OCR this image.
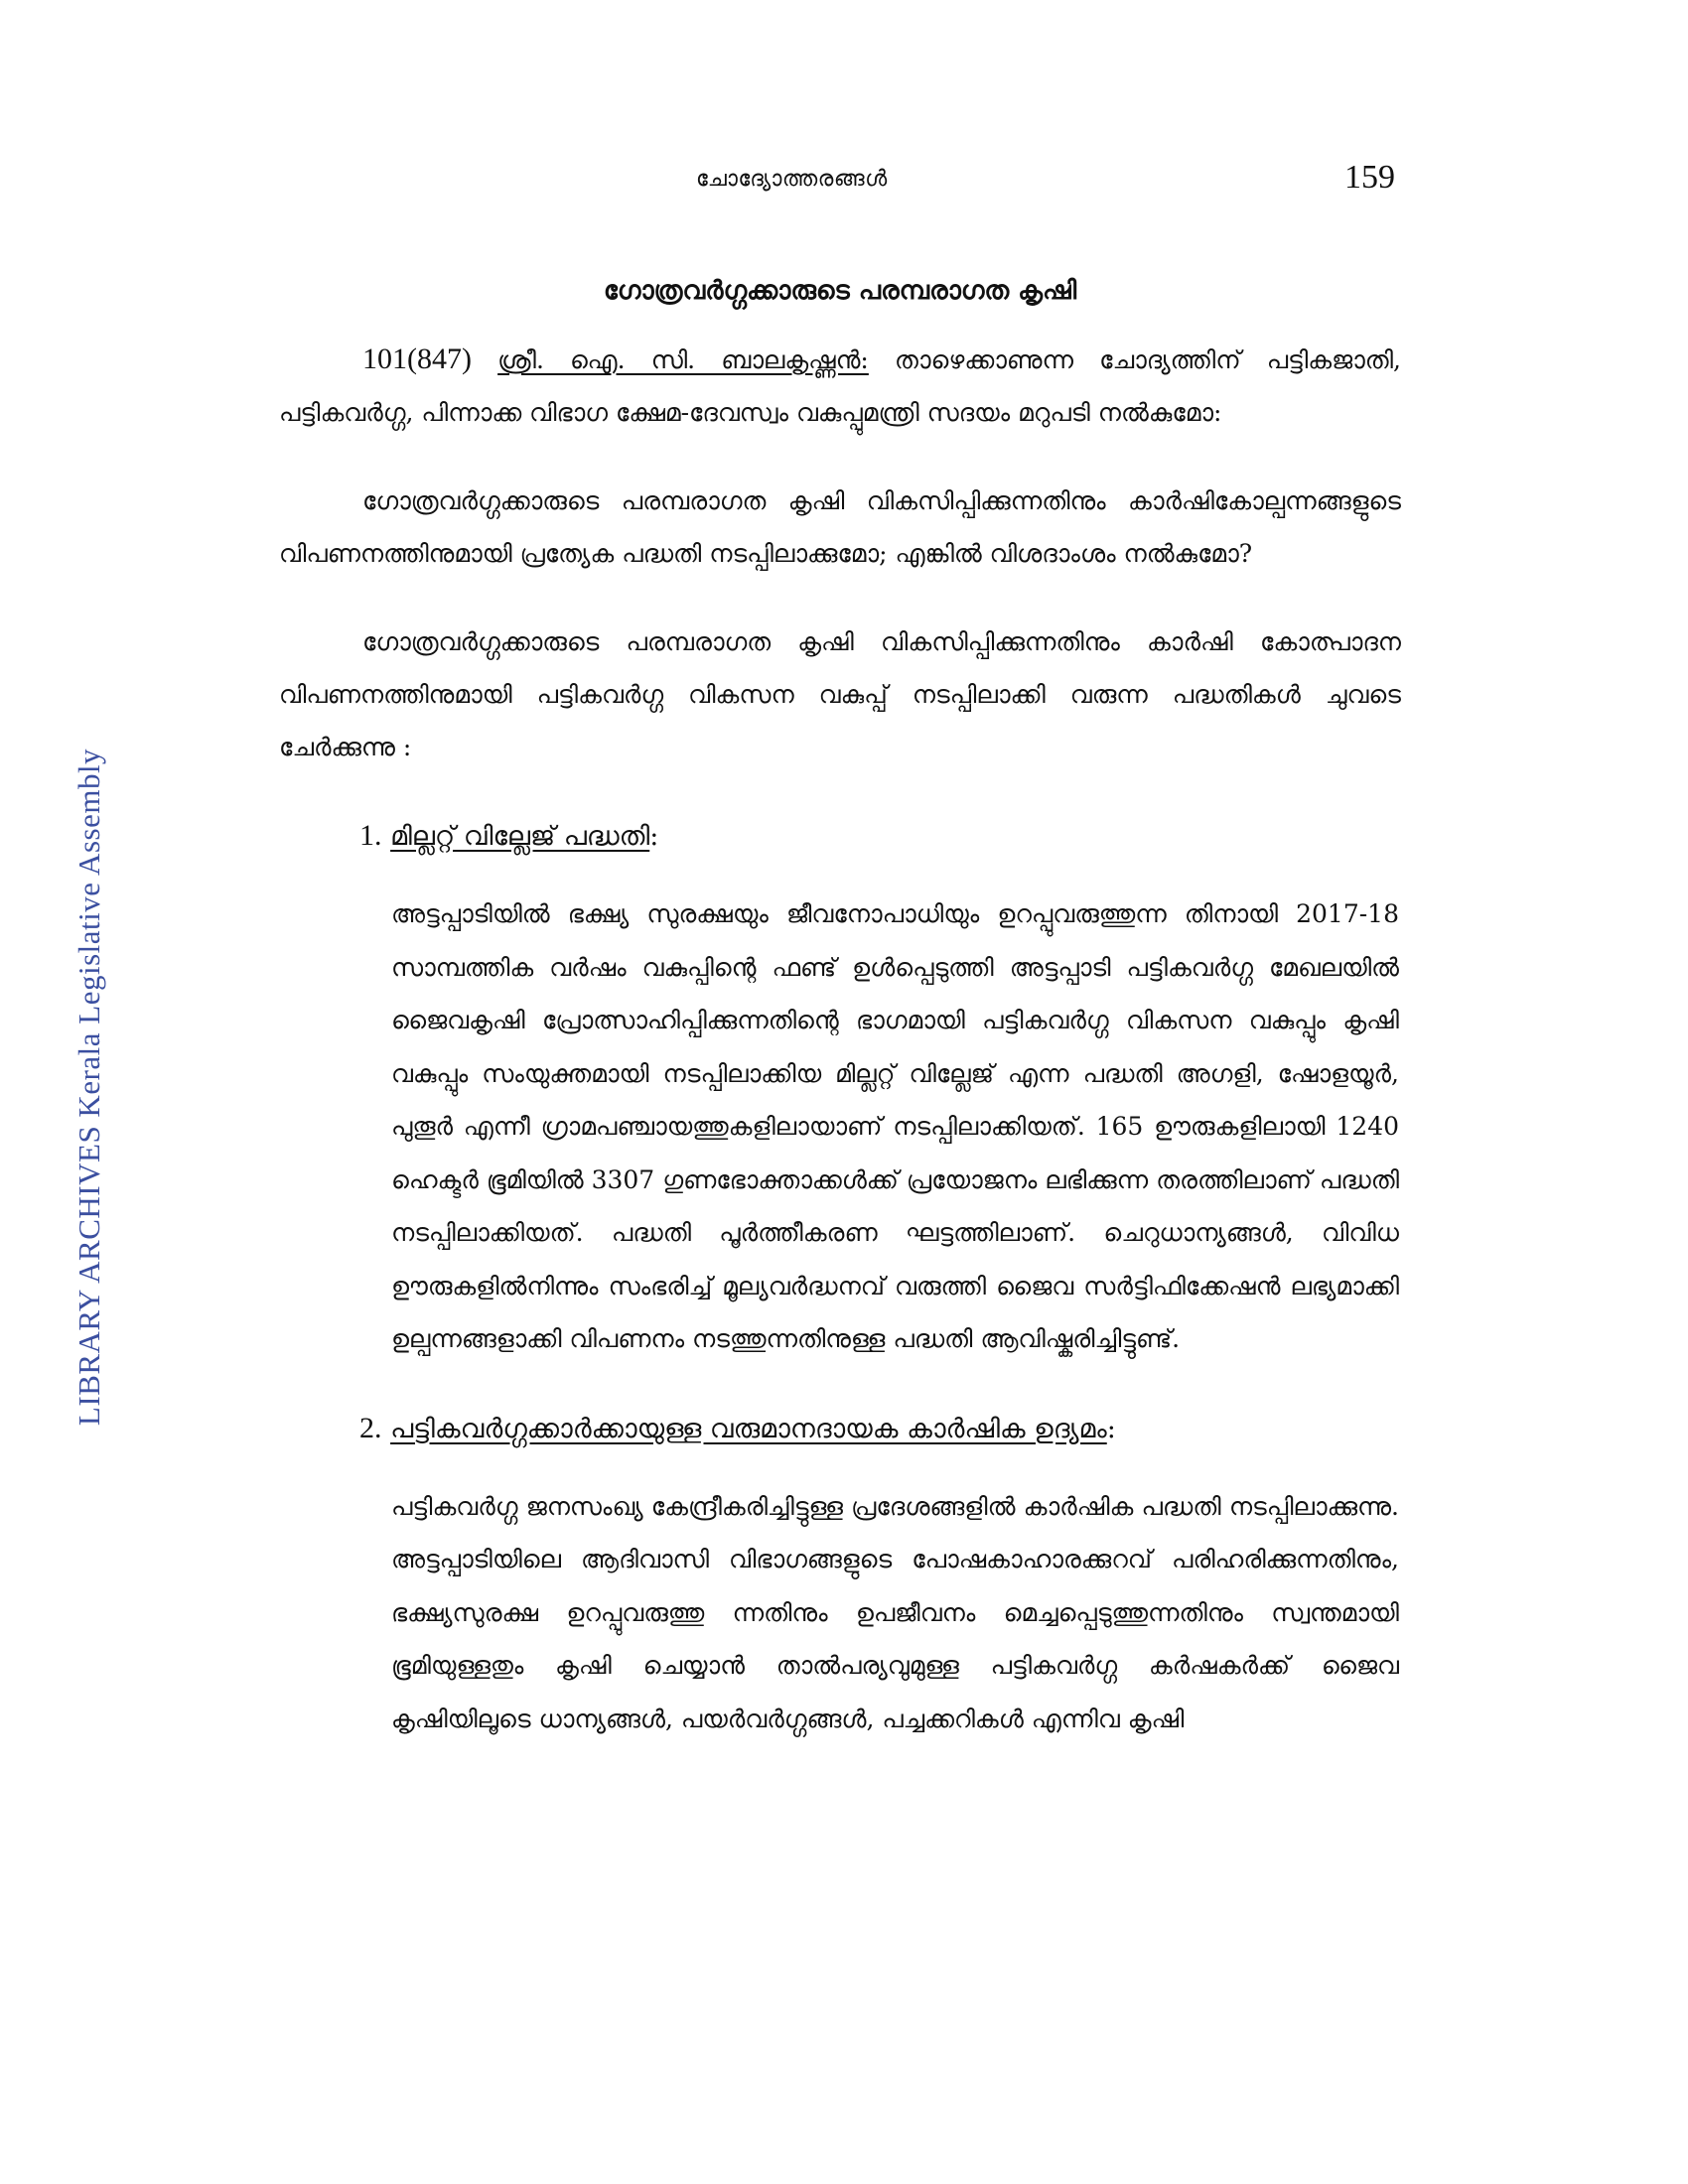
ചോദ്യോത്തരങ്ങൾ	159
LIBRARY ARCHIVES Kerala Legislative Assembly
ഗോത്രവർഗ്ഗക്കാരുടെ പരമ്പരാഗത കൃഷി

101(847) ശ്രീ. ഐ. സി. ബാലകൃഷ്ണൻ: താഴെക്കാണുന്ന ചോദ്യത്തിന് പട്ടികജാതി, പട്ടികവർഗ്ഗ, പിന്നാക്ക വിഭാഗ ക്ഷേമ-ദേവസ്വം വകുപ്പുമന്ത്രി സദയം മറുപടി നൽകുമോ:

ഗോത്രവർഗ്ഗക്കാരുടെ പരമ്പരാഗത കൃഷി വികസിപ്പിക്കുന്നതിനും കാർഷികോല്പന്നങ്ങളുടെ വിപണനത്തിനുമായി പ്രത്യേക പദ്ധതി നടപ്പിലാക്കുമോ; എങ്കിൽ വിശദാംശം നൽകുമോ?

ഗോത്രവർഗ്ഗക്കാരുടെ പരമ്പരാഗത കൃഷി വികസിപ്പിക്കുന്നതിനും കാർഷി കോത്പാദന വിപണനത്തിനുമായി പട്ടികവർഗ്ഗ വികസന വകുപ്പ് നടപ്പിലാക്കി വരുന്ന പദ്ധതികൾ ചുവടെ ചേർക്കുന്നു :

1. മില്ലറ്റ് വില്ലേജ് പദ്ധതി:

അട്ടപ്പാടിയിൽ ഭക്ഷ്യ സുരക്ഷയും ജീവനോപാധിയും ഉറപ്പുവരുത്തുന്ന തിനായി 2017-18 സാമ്പത്തിക വർഷം വകുപ്പിന്റെ ഫണ്ട് ഉൾപ്പെടുത്തി അട്ടപ്പാടി പട്ടികവർഗ്ഗ മേഖലയിൽ ജൈവകൃഷി പ്രോത്സാഹിപ്പിക്കുന്നതിന്റെ ഭാഗമായി പട്ടികവർഗ്ഗ വികസന വകുപ്പും കൃഷി വകുപ്പും സംയുക്തമായി നടപ്പിലാക്കിയ മില്ലറ്റ് വില്ലേജ് എന്ന പദ്ധതി അഗളി, ഷോളയൂർ, പുതൂർ എന്നീ ഗ്രാമപഞ്ചായത്തുകളിലായാണ് നടപ്പിലാക്കിയത്. 165 ഊരുകളിലായി 1240 ഹെക്ടർ ഭൂമിയിൽ 3307 ഗുണഭോക്താക്കൾക്ക് പ്രയോജനം ലഭിക്കുന്ന തരത്തിലാണ് പദ്ധതി നടപ്പിലാക്കിയത്. പദ്ധതി പൂർത്തീകരണ ഘട്ടത്തിലാണ്. ചെറുധാന്യങ്ങൾ, വിവിധ ഊരുകളിൽനിന്നും സംഭരിച്ച് മൂല്യവർദ്ധനവ് വരുത്തി ജൈവ സർട്ടിഫിക്കേഷൻ ലഭ്യമാക്കി ഉല്പന്നങ്ങളാക്കി വിപണനം നടത്തുന്നതിനുള്ള പദ്ധതി ആവിഷ്കരിച്ചിട്ടുണ്ട്.

2. പട്ടികവർഗ്ഗക്കാർക്കായുള്ള വരുമാനദായക കാർഷിക ഉദ്യമം:

പട്ടികവർഗ്ഗ ജനസംഖ്യ കേന്ദ്രീകരിച്ചിട്ടുള്ള പ്രദേശങ്ങളിൽ കാർഷിക പദ്ധതി നടപ്പിലാക്കുന്നു. അട്ടപ്പാടിയിലെ ആദിവാസി വിഭാഗങ്ങളുടെ പോഷകാഹാരക്കുറവ് പരിഹരിക്കുന്നതിനും, ഭക്ഷ്യസുരക്ഷ ഉറപ്പുവരുത്തു ന്നതിനും ഉപജീവനം മെച്ചപ്പെടുത്തുന്നതിനും സ്വന്തമായി ഭൂമിയുള്ളതും കൃഷി ചെയ്യാൻ താൽപര്യവുമുള്ള പട്ടികവർഗ്ഗ കർഷകർക്ക് ജൈവ കൃഷിയിലൂടെ ധാന്യങ്ങൾ, പയർവർഗ്ഗങ്ങൾ, പച്ചക്കറികൾ എന്നിവ കൃഷി
